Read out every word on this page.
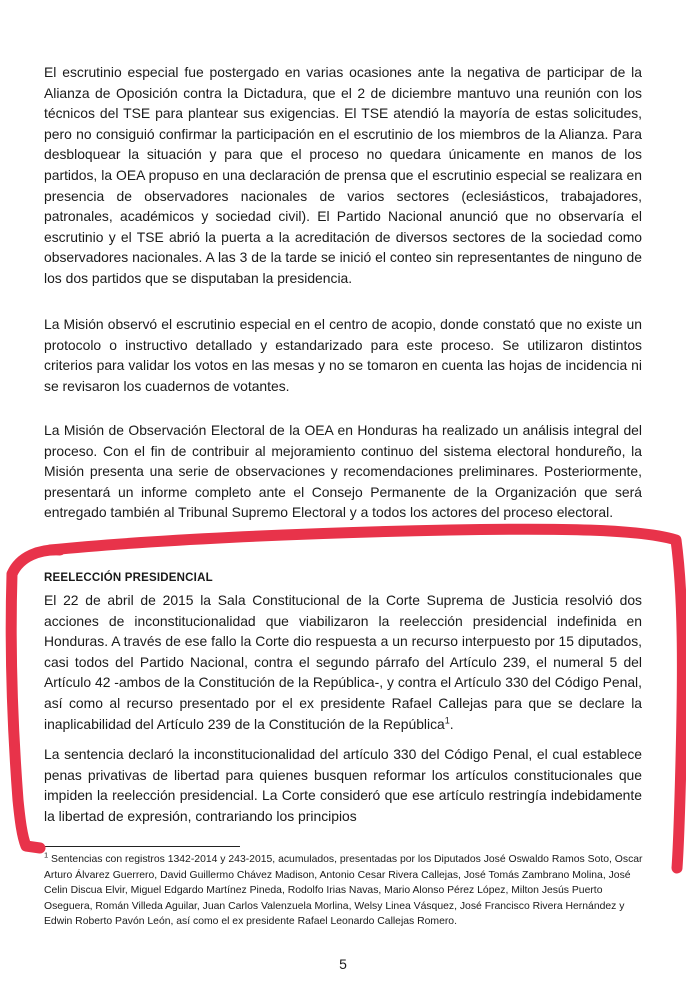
El escrutinio especial fue postergado en varias ocasiones ante la negativa de participar de la Alianza de Oposición contra la Dictadura, que el 2 de diciembre mantuvo una reunión con los técnicos del TSE para plantear sus exigencias. El TSE atendió la mayoría de estas solicitudes, pero no consiguió confirmar la participación en el escrutinio de los miembros de la Alianza. Para desbloquear la situación y para que el proceso no quedara únicamente en manos de los partidos, la OEA propuso en una declaración de prensa que el escrutinio especial se realizara en presencia de observadores nacionales de varios sectores (eclesiásticos, trabajadores, patronales, académicos y sociedad civil). El Partido Nacional anunció que no observaría el escrutinio y el TSE abrió la puerta a la acreditación de diversos sectores de la sociedad como observadores nacionales. A las 3 de la tarde se inició el conteo sin representantes de ninguno de los dos partidos que se disputaban la presidencia.

La Misión observó el escrutinio especial en el centro de acopio, donde constató que no existe un protocolo o instructivo detallado y estandarizado para este proceso. Se utilizaron distintos criterios para validar los votos en las mesas y no se tomaron en cuenta las hojas de incidencia ni se revisaron los cuadernos de votantes.

La Misión de Observación Electoral de la OEA en Honduras ha realizado un análisis integral del proceso. Con el fin de contribuir al mejoramiento continuo del sistema electoral hondureño, la Misión presenta una serie de observaciones y recomendaciones preliminares. Posteriormente, presentará un informe completo ante el Consejo Permanente de la Organización que será entregado también al Tribunal Supremo Electoral y a todos los actores del proceso electoral.

REELECCIÓN PRESIDENCIAL

El 22 de abril de 2015 la Sala Constitucional de la Corte Suprema de Justicia resolvió dos acciones de inconstitucionalidad que viabilizaron la reelección presidencial indefinida en Honduras. A través de ese fallo la Corte dio respuesta a un recurso interpuesto por 15 diputados, casi todos del Partido Nacional, contra el segundo párrafo del Artículo 239, el numeral 5 del Artículo 42 -ambos de la Constitución de la República-, y contra el Artículo 330 del Código Penal, así como al recurso presentado por el ex presidente Rafael Callejas para que se declare la inaplicabilidad del Artículo 239 de la Constitución de la República$^1$.

La sentencia declaró la inconstitucionalidad del artículo 330 del Código Penal, el cual establece penas privativas de libertad para quienes busquen reformar los artículos constitucionales que impiden la reelección presidencial. La Corte consideró que ese artículo restringía indebidamente la libertad de expresión, contrariando los principios

$^1$ Sentencias con registros 1342-2014 y 243-2015, acumulados, presentadas por los Diputados José Oswaldo Ramos Soto, Oscar Arturo Álvarez Guerrero, David Guillermo Chávez Madison, Antonio Cesar Rivera Callejas, José Tomás Zambrano Molina, José Celin Discua Elvir, Miguel Edgardo Martínez Pineda, Rodolfo Irias Navas, Mario Alonso Pérez López, Milton Jesús Puerto Oseguera, Román Villeda Aguilar, Juan Carlos Valenzuela Morlina, Welsy Linea Vásquez, José Francisco Rivera Hernández y Edwin Roberto Pavón León, así como el ex presidente Rafael Leonardo Callejas Romero.

5
